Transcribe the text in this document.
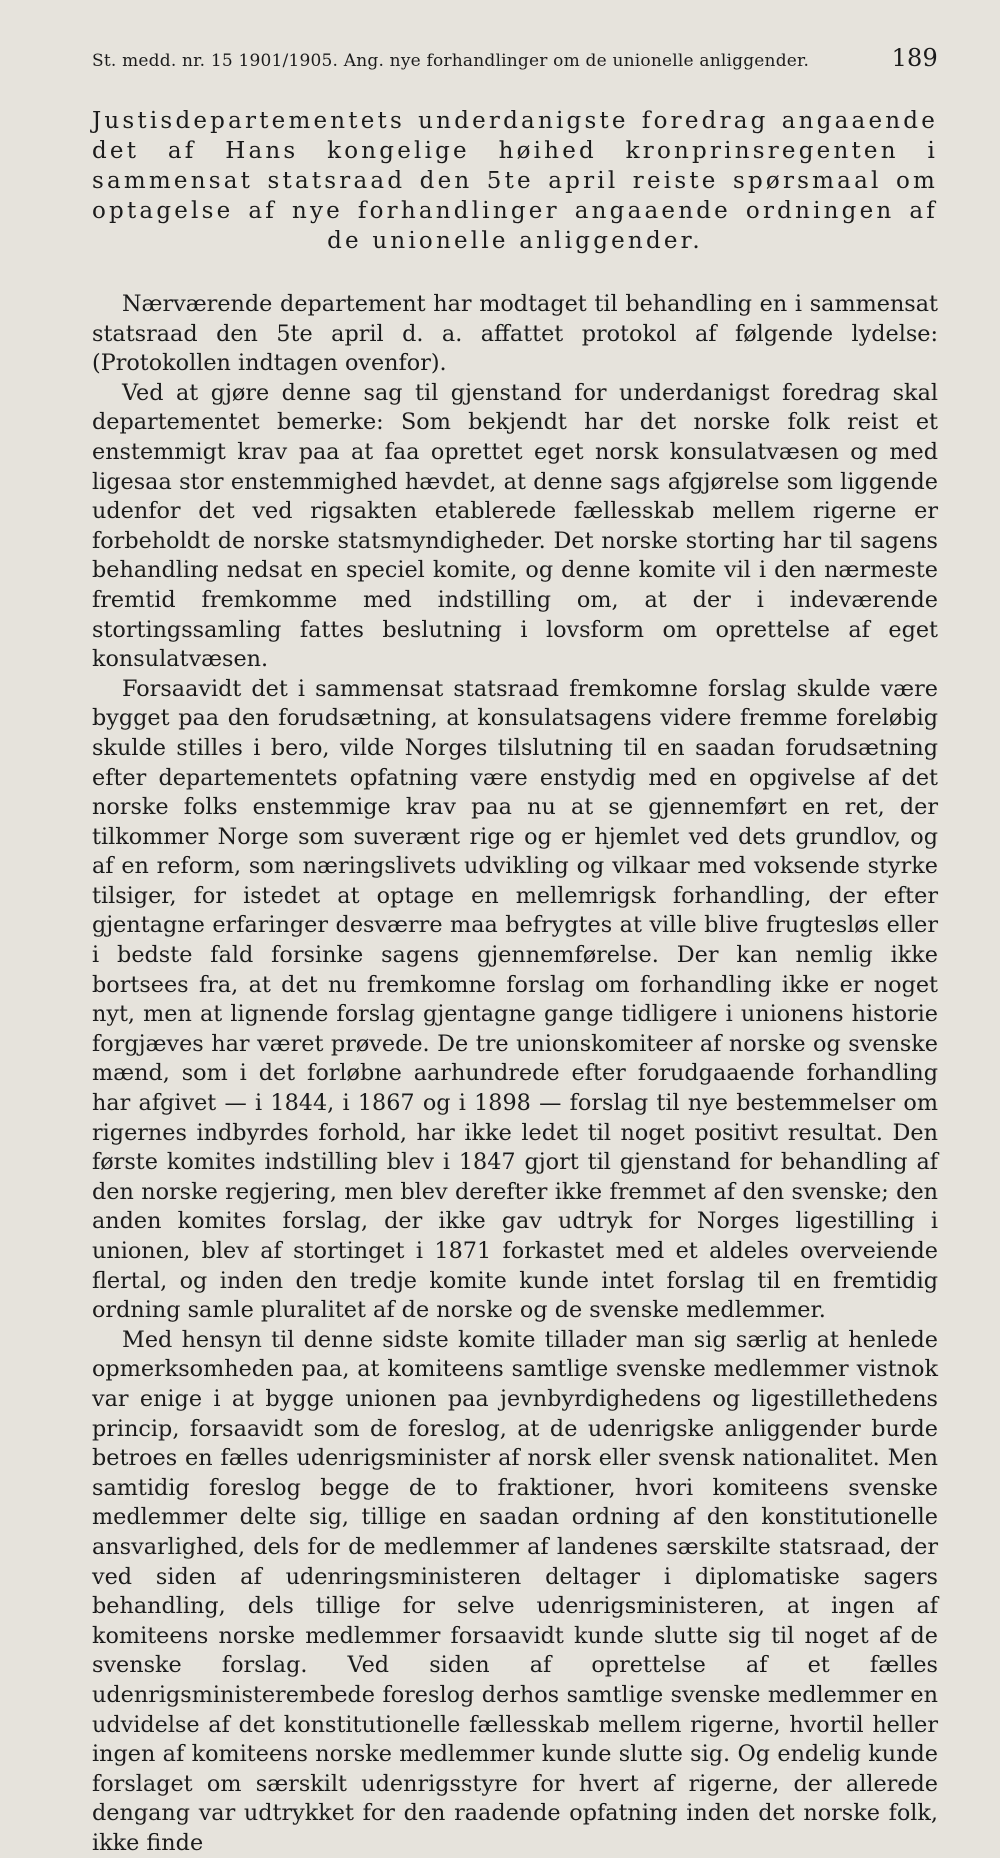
St. medd. nr. 15 1901/1905. Ang. nye forhandlinger om de unionelle anliggender.	189
Justisdepartementets underdanigste foredrag angaaende det af Hans kongelige høihed kronprinsregenten i sammensat statsraad den 5te april reiste spørsmaal om optagelse af nye forhandlinger angaaende ordningen af de unionelle anliggender.

Nærværende departement har modtaget til behandling en i sammensat statsraad den 5te april d. a. affattet protokol af følgende lydelse: (Protokollen indtagen ovenfor).

Ved at gjøre denne sag til gjenstand for underdanigst foredrag skal departementet bemerke: Som bekjendt har det norske folk reist et enstemmigt krav paa at faa oprettet eget norsk konsulatvæsen og med ligesaa stor enstemmighed hævdet, at denne sags afgjørelse som liggende udenfor det ved rigsakten etablerede fællesskab mellem rigerne er forbeholdt de norske statsmyndigheder. Det norske storting har til sagens behandling nedsat en speciel komite, og denne komite vil i den nærmeste fremtid fremkomme med indstilling om, at der i indeværende stortingssamling fattes beslutning i lovsform om oprettelse af eget konsulatvæsen.

Forsaavidt det i sammensat statsraad fremkomne forslag skulde være bygget paa den forudsætning, at konsulatsagens videre fremme foreløbig skulde stilles i bero, vilde Norges tilslutning til en saadan forudsætning efter departementets opfatning være enstydig med en opgivelse af det norske folks enstemmige krav paa nu at se gjennemført en ret, der tilkommer Norge som suverænt rige og er hjemlet ved dets grundlov, og af en reform, som næringslivets udvikling og vilkaar med voksende styrke tilsiger, for istedet at optage en mellemrigsk forhandling, der efter gjentagne erfaringer desværre maa befrygtes at ville blive frugtesløs eller i bedste fald forsinke sagens gjennemførelse. Der kan nemlig ikke bortsees fra, at det nu fremkomne forslag om forhandling ikke er noget nyt, men at lignende forslag gjentagne gange tidligere i unionens historie forgjæves har været prøvede. De tre unionskomiteer af norske og svenske mænd, som i det forløbne aarhundrede efter forudgaaende forhandling har afgivet — i 1844, i 1867 og i 1898 — forslag til nye bestemmelser om rigernes indbyrdes forhold, har ikke ledet til noget positivt resultat. Den første komites indstilling blev i 1847 gjort til gjenstand for behandling af den norske regjering, men blev derefter ikke fremmet af den svenske; den anden komites forslag, der ikke gav udtryk for Norges ligestilling i unionen, blev af stortinget i 1871 forkastet med et aldeles overveiende flertal, og inden den tredje komite kunde intet forslag til en fremtidig ordning samle pluralitet af de norske og de svenske medlemmer.

Med hensyn til denne sidste komite tillader man sig særlig at henlede opmerksomheden paa, at komiteens samtlige svenske medlemmer vistnok var enige i at bygge unionen paa jevnbyrdighedens og ligestillethedens princip, forsaavidt som de foreslog, at de udenrigske anliggender burde betroes en fælles udenrigsminister af norsk eller svensk nationalitet. Men samtidig foreslog begge de to fraktioner, hvori komiteens svenske medlemmer delte sig, tillige en saadan ordning af den konstitutionelle ansvarlighed, dels for de medlemmer af landenes særskilte statsraad, der ved siden af udenringsministeren deltager i diplomatiske sagers behandling, dels tillige for selve udenrigsministeren, at ingen af komiteens norske medlemmer forsaavidt kunde slutte sig til noget af de svenske forslag. Ved siden af oprettelse af et fælles udenrigsministerembede foreslog derhos samtlige svenske medlemmer en udvidelse af det konstitutionelle fællesskab mellem rigerne, hvortil heller ingen af komiteens norske medlemmer kunde slutte sig. Og endelig kunde forslaget om særskilt udenrigsstyre for hvert af rigerne, der allerede dengang var udtrykket for den raadende opfatning inden det norske folk, ikke finde
